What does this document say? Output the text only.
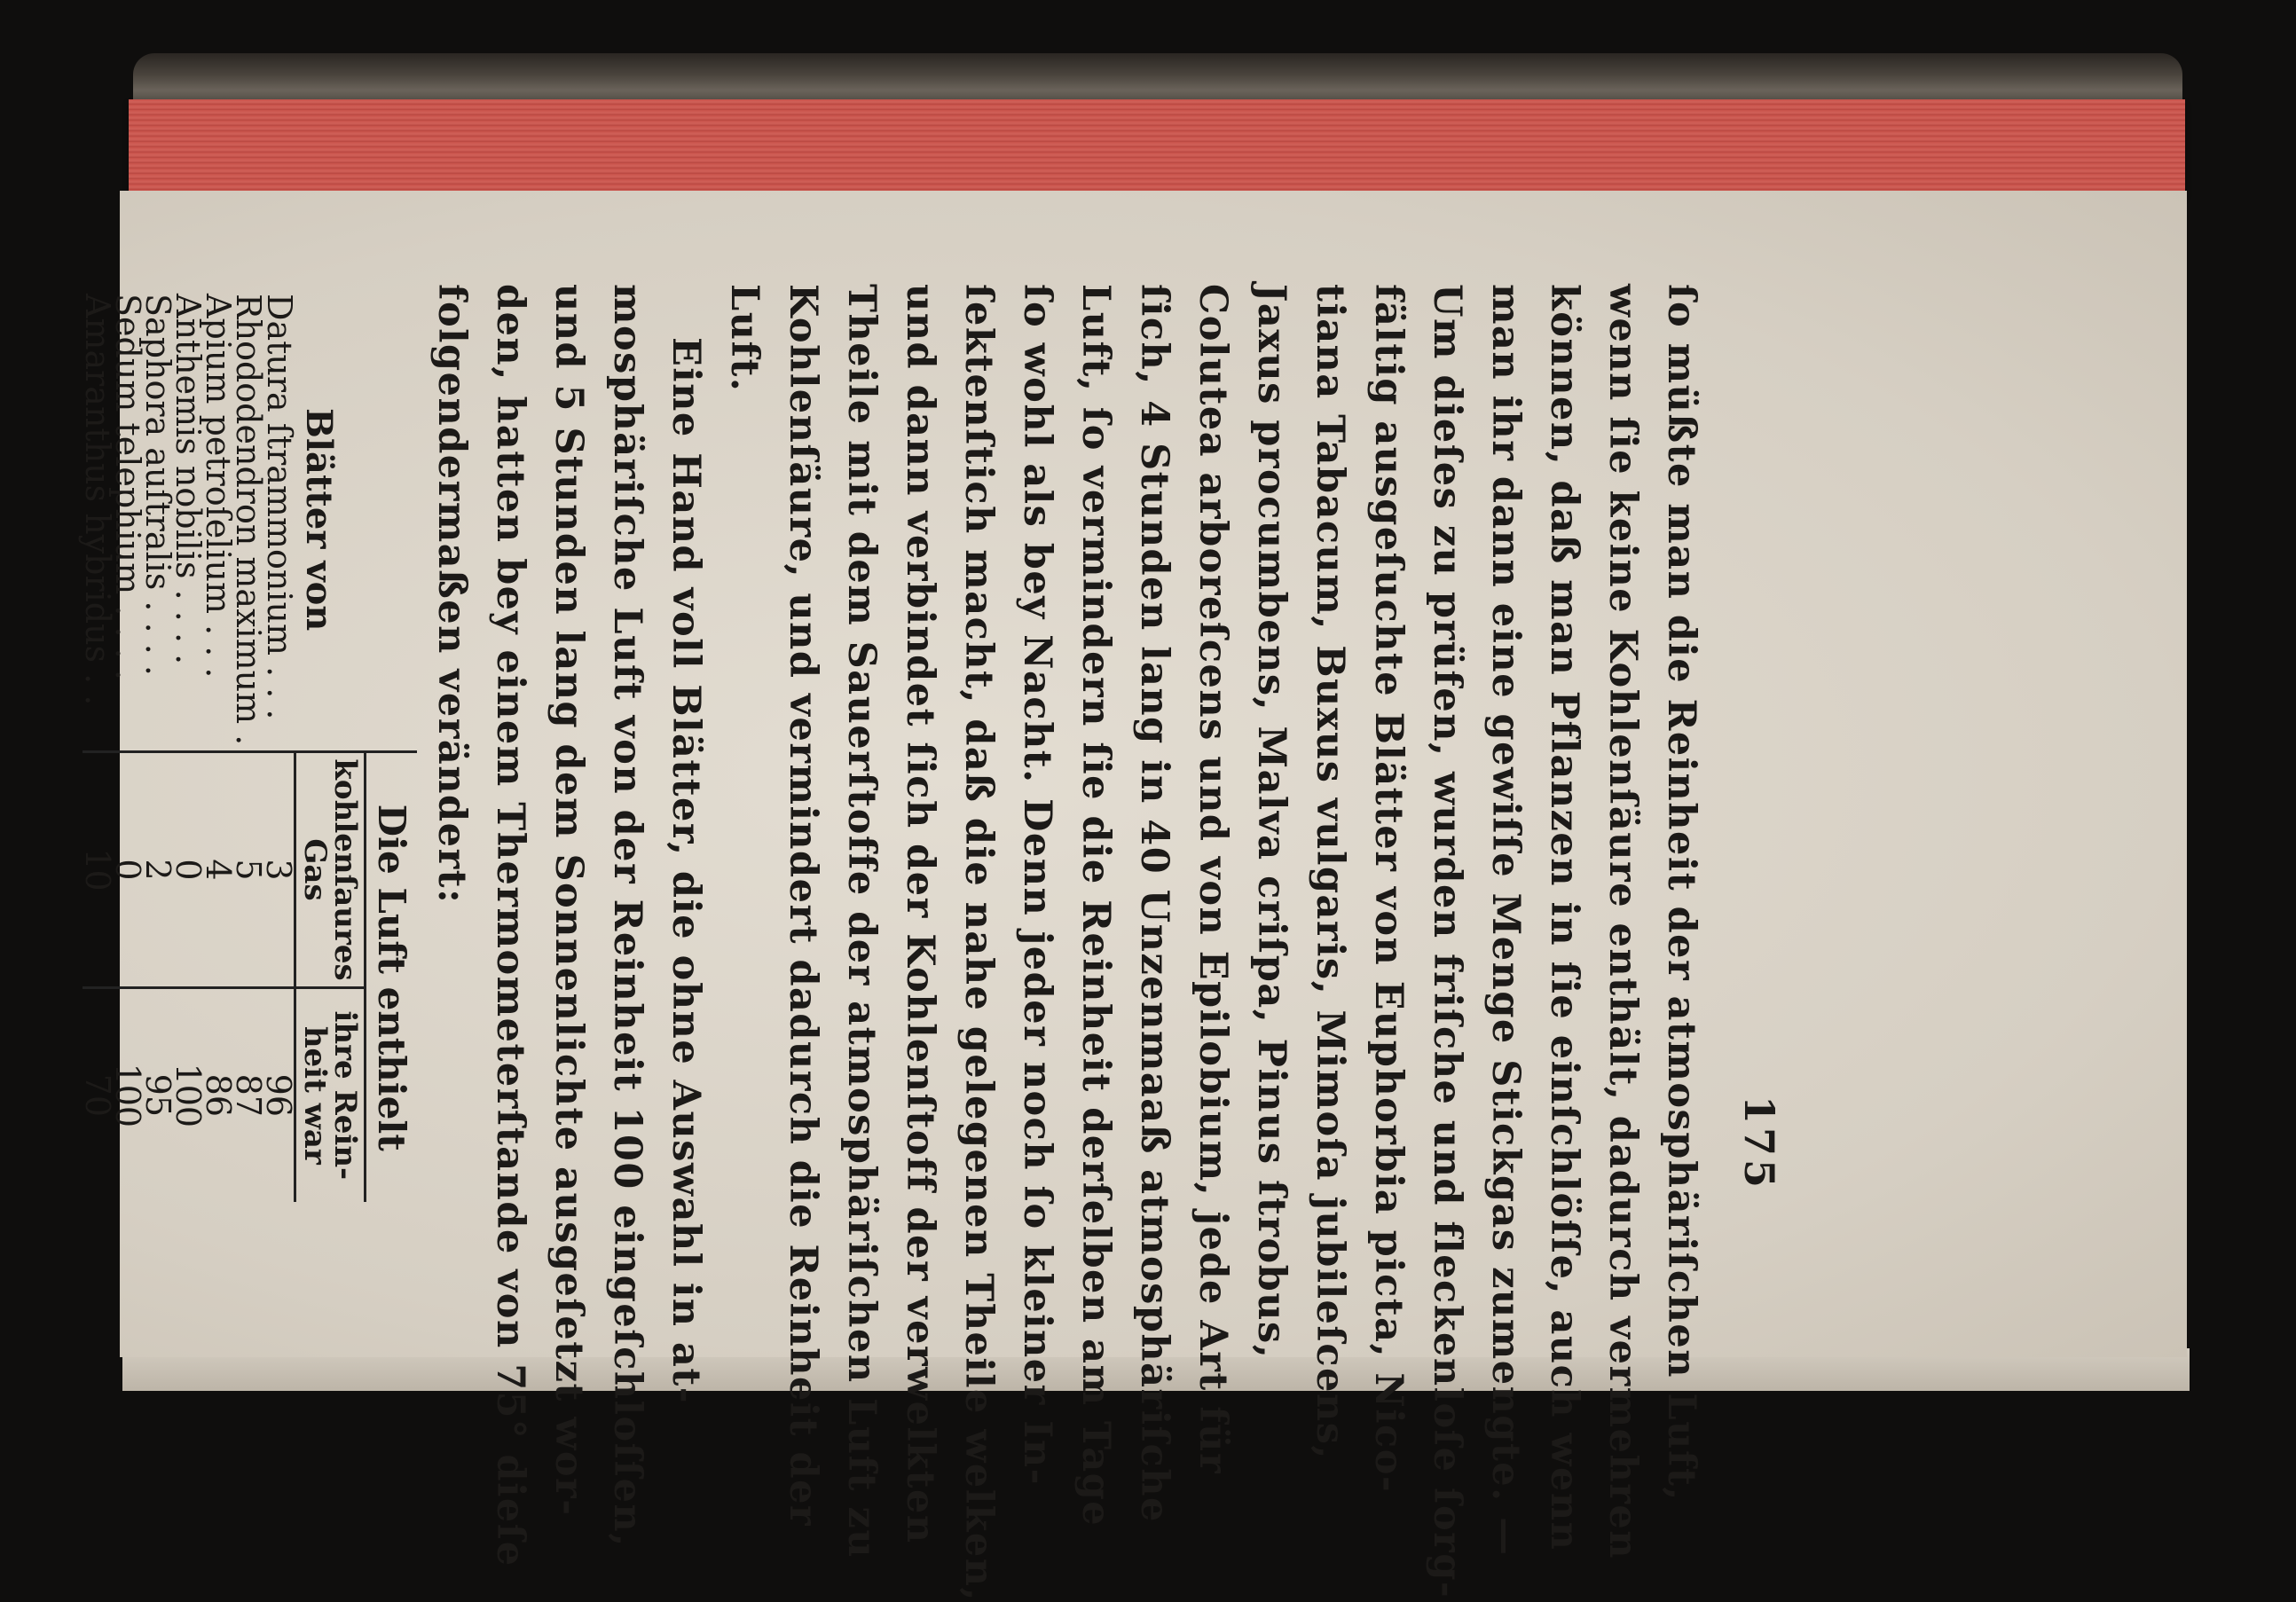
175
ſo müßte man die Reinheit der atmosphäriſchen Luft,
wenn ſie keine Kohlenſäure enthält, dadurch vermehren
können, daß man Pflanzen in ſie einſchlöſſe, auch wenn
man ihr dann eine gewiſſe Menge Stickgas zumengte. —
Um dieſes zu prüfen, wurden friſche und fleckenloſe ſorg-
fältig ausgeſuchte Blätter von Euphorbia picta, Nico-
tiana Tabacum, Buxus vulgaris, Mimoſa jubileſcens,
Jaxus procumbens, Malva criſpa, Pinus ſtrobus,
Colutea arboreſcens und von Epilobium, jede Art für
ſich, 4 Stunden lang in 40 Unzenmaaß atmosphäriſche
Luft, ſo vermindern ſie die Reinheit derſelben am Tage
ſo wohl als bey Nacht. Denn jeder noch ſo kleiner In-
ſektenſtich macht, daß die nahe gelegenen Theile welken,
und dann verbindet ſich der Kohlenſtoff der verwelkten
Theile mit dem Sauerſtoffe der atmosphäriſchen Luft zu
Kohlenſäure, und vermindert dadurch die Reinheit der
Luft.
Eine Hand voll Blätter, die ohne Auswahl in at-
mosphäriſche Luft von der Reinheit 100 eingeſchloſſen,
und 5 Stunden lang dem Sonnenlichte ausgeſetzt wor-
den, hatten bey einem Thermometerſtande von 75° dieſe
folgendermaßen verändert:
Blätter von	Die Luft enthielt	
	kohlenſaures Gas	ihre Rein- heit war
Datura ſtrammonium . . .	3	96
Rhododendron maximum .	5	87
Apium petroſelium . . .	4	86
Anthemis nobilis . . . .	0	100
Saphora auſtralis . . . .	2	95
Sedum telephium . . . .	0	100
Amaranthus hybridus . .	10	70
